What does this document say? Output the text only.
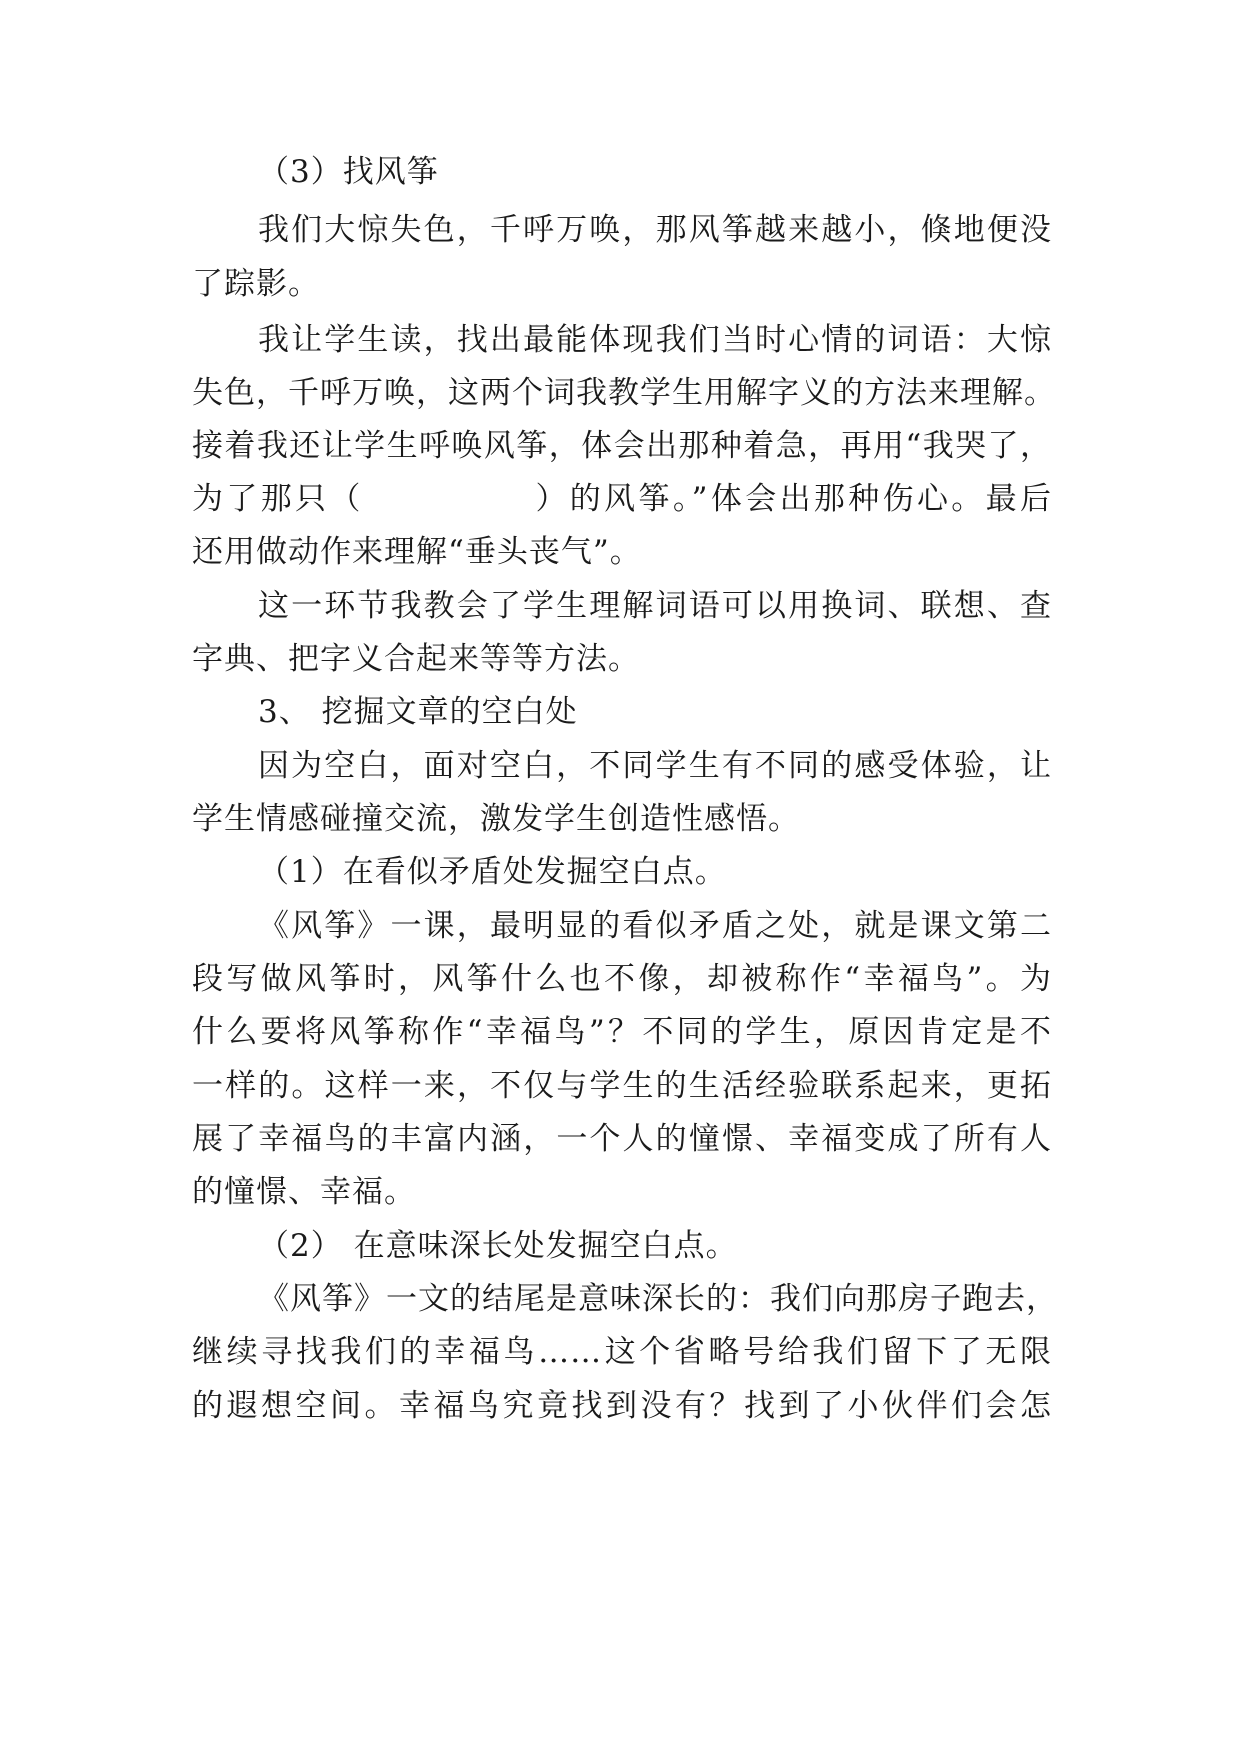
（3）找风筝
我们大惊失色，千呼万唤，那风筝越来越小，倏地便没
了踪影。
我让学生读，找出最能体现我们当时心情的词语：大惊
失色，千呼万唤，这两个词我教学生用解字义的方法来理解。
接着我还让学生呼唤风筝，体会出那种着急，再用“我哭了，
为了那只（　　　　　）的风筝。”体会出那种伤心。最后
还用做动作来理解“垂头丧气”。
这一环节我教会了学生理解词语可以用换词、联想、查
字典、把字义合起来等等方法。
3、 挖掘文章的空白处
因为空白，面对空白，不同学生有不同的感受体验，让
学生情感碰撞交流，激发学生创造性感悟。
（1）在看似矛盾处发掘空白点。
《风筝》一课，最明显的看似矛盾之处，就是课文第二
段写做风筝时，风筝什么也不像，却被称作“幸福鸟”。为
什么要将风筝称作“幸福鸟”？不同的学生，原因肯定是不
一样的。这样一来，不仅与学生的生活经验联系起来，更拓
展了幸福鸟的丰富内涵，一个人的憧憬、幸福变成了所有人
的憧憬、幸福。
（2） 在意味深长处发掘空白点。
《风筝》一文的结尾是意味深长的：我们向那房子跑去，
继续寻找我们的幸福鸟……这个省略号给我们留下了无限
的遐想空间。幸福鸟究竟找到没有？找到了小伙伴们会怎
